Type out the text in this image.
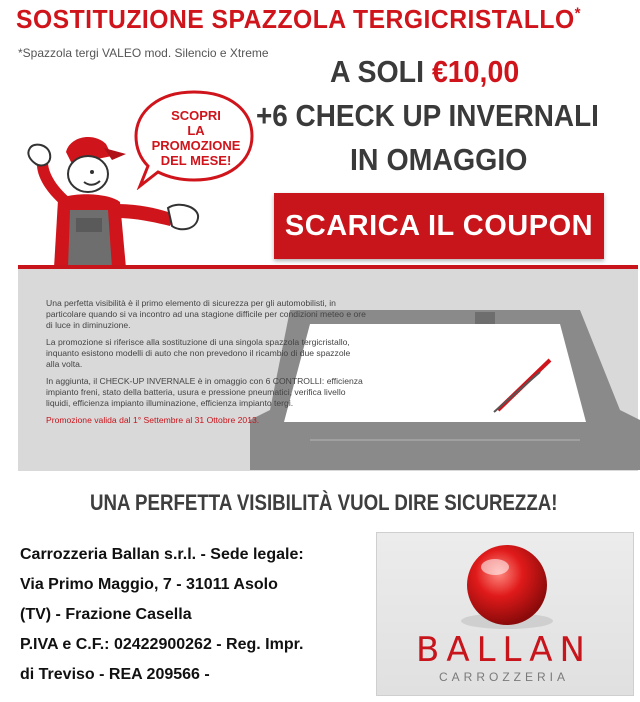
SOSTITUZIONE SPAZZOLA TERGICRISTALLO*
*Spazzola tergi VALEO mod. Silencio e Xtreme
A SOLI €10,00
+6 CHECK UP INVERNALI
IN OMAGGIO
SCARICA IL COUPON
SCOPRI
LA PROMOZIONE
DEL MESE!

Una perfetta visibilità è il primo elemento di sicurezza per gli automobilisti, in particolare quando si va incontro ad una stagione difficile per condizioni meteo e ore di luce in diminuzione.

La promozione si riferisce alla sostituzione di una singola spazzola tergicristallo, inquanto esistono modelli di auto che non prevedono il ricambio di due spazzole alla volta.

In aggiunta, il CHECK-UP INVERNALE è in omaggio con 6 CONTROLLI: efficienza impianto freni, stato della batteria, usura e pressione pneumatici, verifica livello liquidi, efficienza impianto illuminazione, efficienza impianto tergi.

Promozione valida dal 1° Settembre al 31 Ottobre 2013.

UNA PERFETTA VISIBILITÀ VUOL DIRE SICUREZZA!
Carrozzeria Ballan s.r.l. - Sede legale:
Via Primo Maggio, 7 - 31011 Asolo
(TV) - Frazione Casella
P.IVA e C.F.: 02422900262 - Reg. Impr.
di Treviso - REA 209566 -
BALLAN
CARROZZERIA
